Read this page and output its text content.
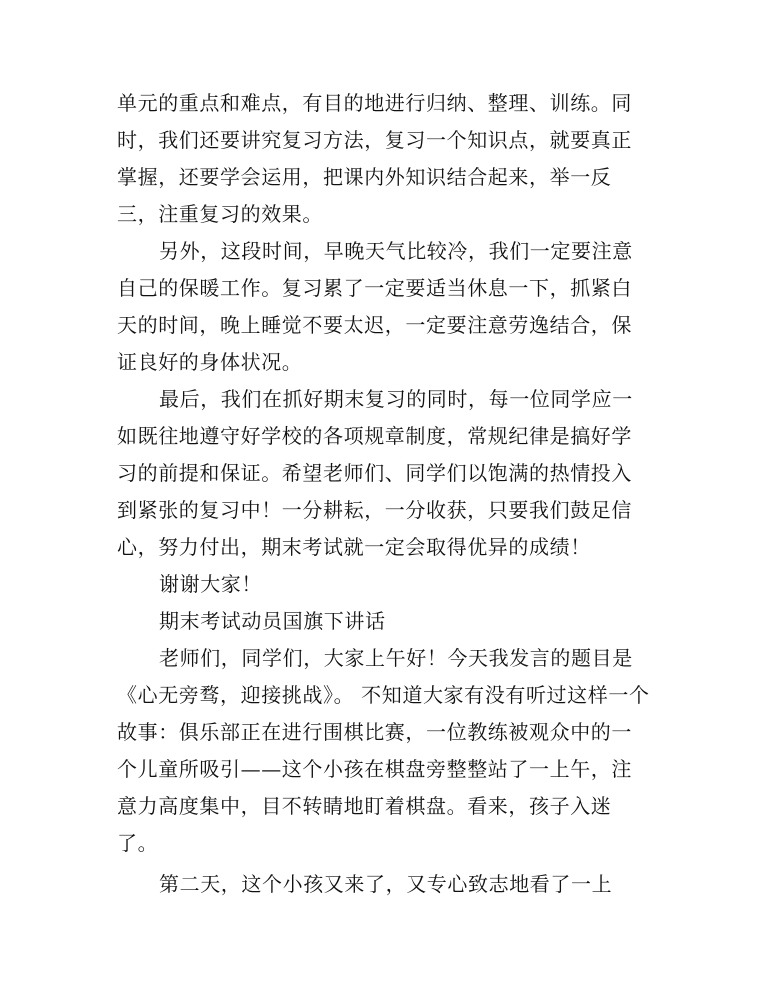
单元的重点和难点，有目的地进行归纳、整理、训练。同
时，我们还要讲究复习方法，复习一个知识点，就要真正
掌握，还要学会运用，把课内外知识结合起来，举一反
三，注重复习的效果。
另外，这段时间，早晚天气比较冷，我们一定要注意
自己的保暖工作。复习累了一定要适当休息一下，抓紧白
天的时间，晚上睡觉不要太迟，一定要注意劳逸结合，保
证良好的身体状况。
最后，我们在抓好期末复习的同时，每一位同学应一
如既往地遵守好学校的各项规章制度，常规纪律是搞好学
习的前提和保证。希望老师们、同学们以饱满的热情投入
到紧张的复习中！一分耕耘，一分收获，只要我们鼓足信
心，努力付出，期末考试就一定会取得优异的成绩！
谢谢大家！
期末考试动员国旗下讲话
老师们，同学们，大家上午好！今天我发言的题目是
《心无旁骛，迎接挑战》。 不知道大家有没有听过这样一个
故事：俱乐部正在进行围棋比赛，一位教练被观众中的一
个儿童所吸引——这个小孩在棋盘旁整整站了一上午，注
意力高度集中，目不转睛地盯着棋盘。看来，孩子入迷
了。
第二天，这个小孩又来了，又专心致志地看了一上
